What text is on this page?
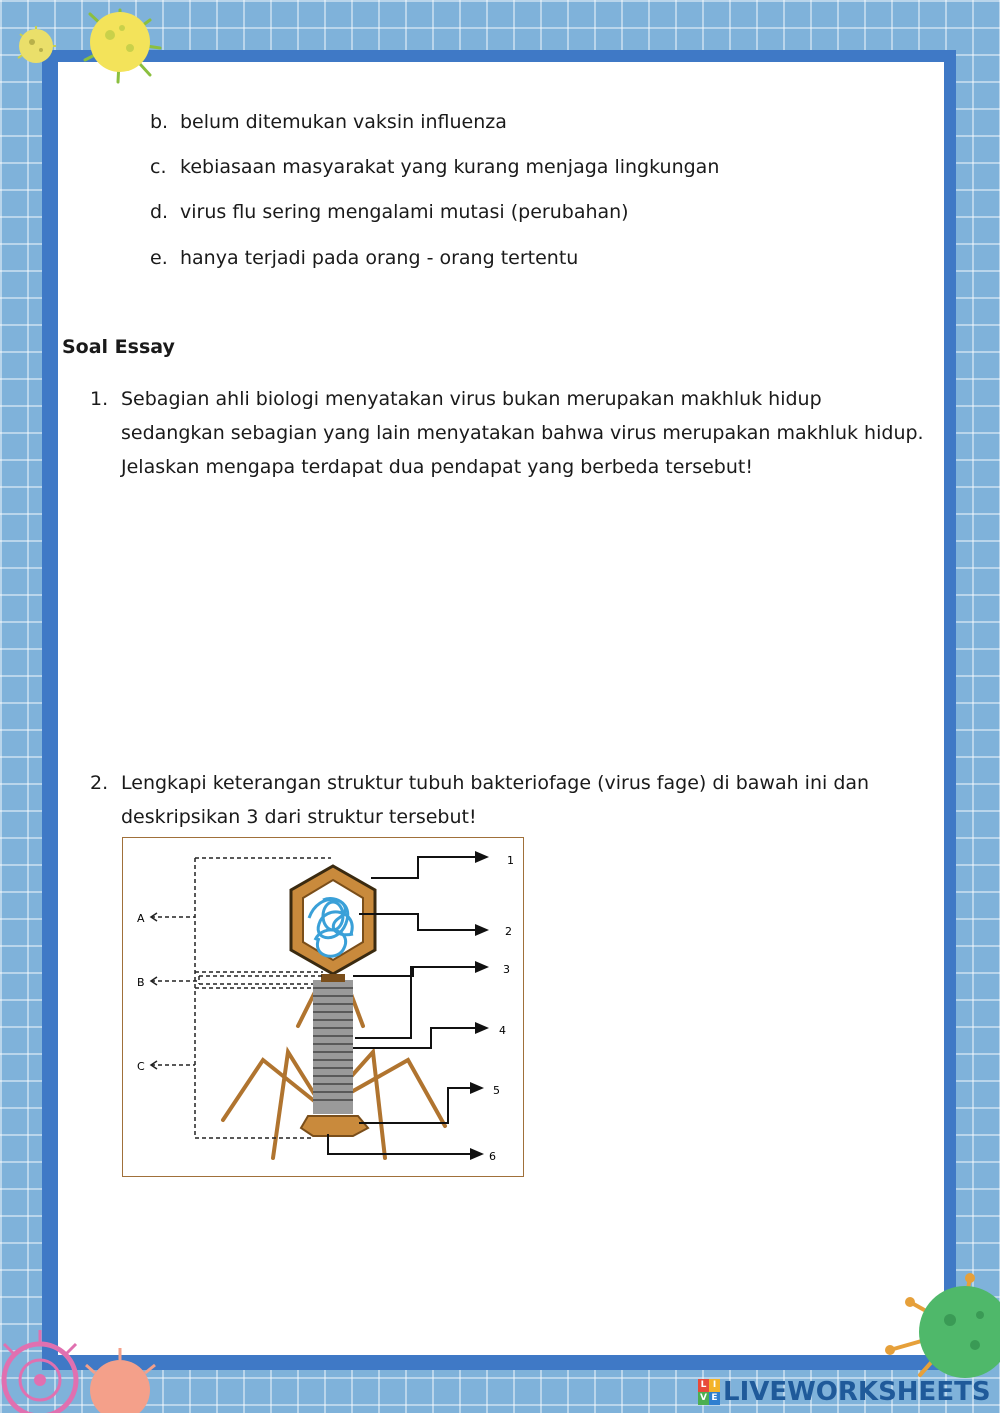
b. belum ditemukan vaksin influenza
c. kebiasaan masyarakat yang kurang menjaga lingkungan
d. virus flu sering mengalami mutasi (perubahan)
e. hanya terjadi pada orang - orang tertentu
Soal Essay
1. Sebagian ahli biologi menyatakan virus bukan merupakan makhluk hidup
sedangkan sebagian yang lain menyatakan bahwa virus merupakan makhluk hidup.
Jelaskan mengapa terdapat dua pendapat yang berbeda tersebut!
2. Lengkapi keterangan struktur tubuh bakteriofage (virus fage) di bawah ini dan
deskripsikan 3 dari struktur tersebut!
A
B
C
1
2
3
4
5
6
L I
V E LIVEWORKSHEETS
